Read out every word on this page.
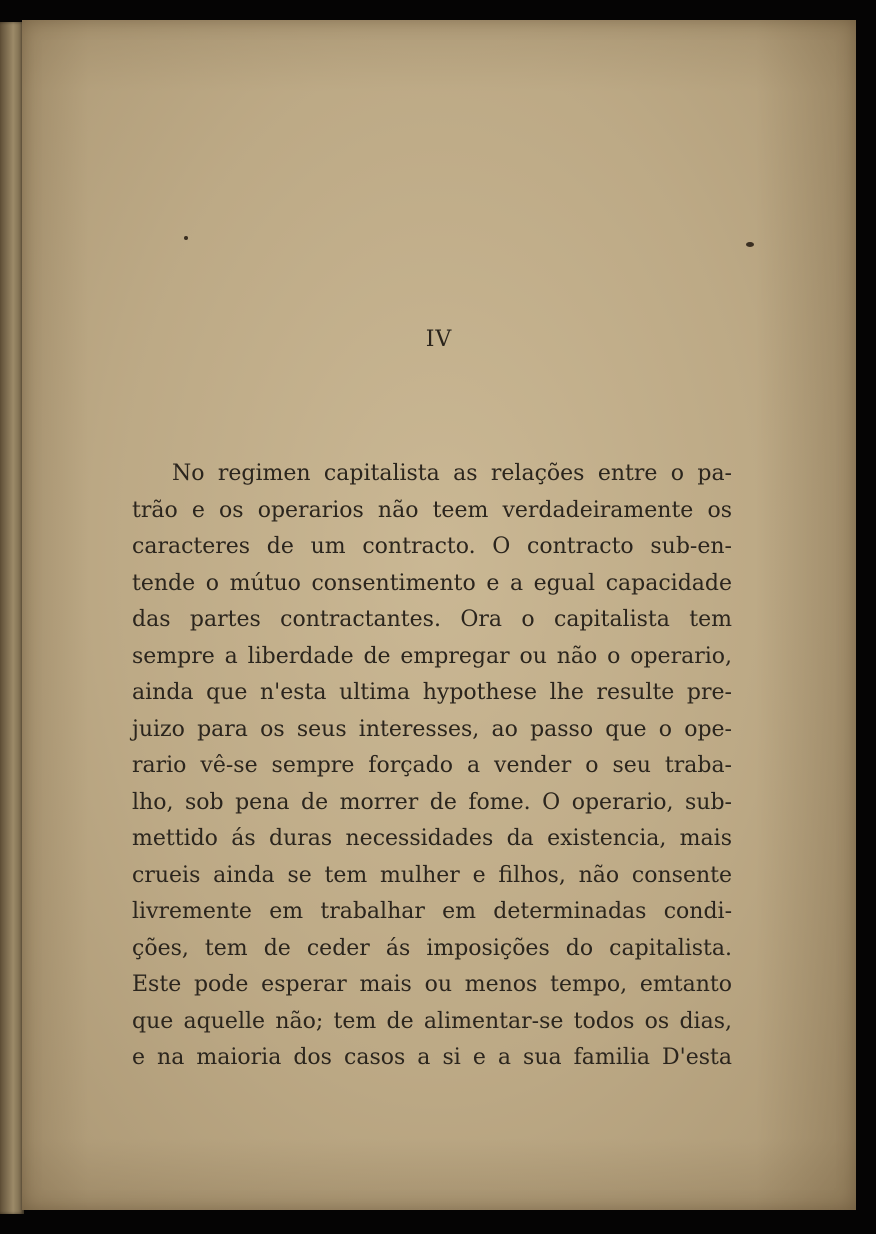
IV
No regimen capitalista as relações entre o pa-
trão e os operarios não teem verdadeiramente os
caracteres de um contracto. O contracto sub-en-
tende o mútuo consentimento e a egual capacidade
das partes contractantes. Ora o capitalista tem
sempre a liberdade de empregar ou não o operario,
ainda que n'esta ultima hypothese lhe resulte pre-
juizo para os seus interesses, ao passo que o ope-
rario vê-se sempre forçado a vender o seu traba-
lho, sob pena de morrer de fome. O operario, sub-
mettido ás duras necessidades da existencia, mais
crueis ainda se tem mulher e filhos, não consente
livremente em trabalhar em determinadas condi-
ções, tem de ceder ás imposições do capitalista.
Este pode esperar mais ou menos tempo, emtanto
que aquelle não; tem de alimentar-se todos os dias,
e na maioria dos casos a si e a sua familia D'esta
